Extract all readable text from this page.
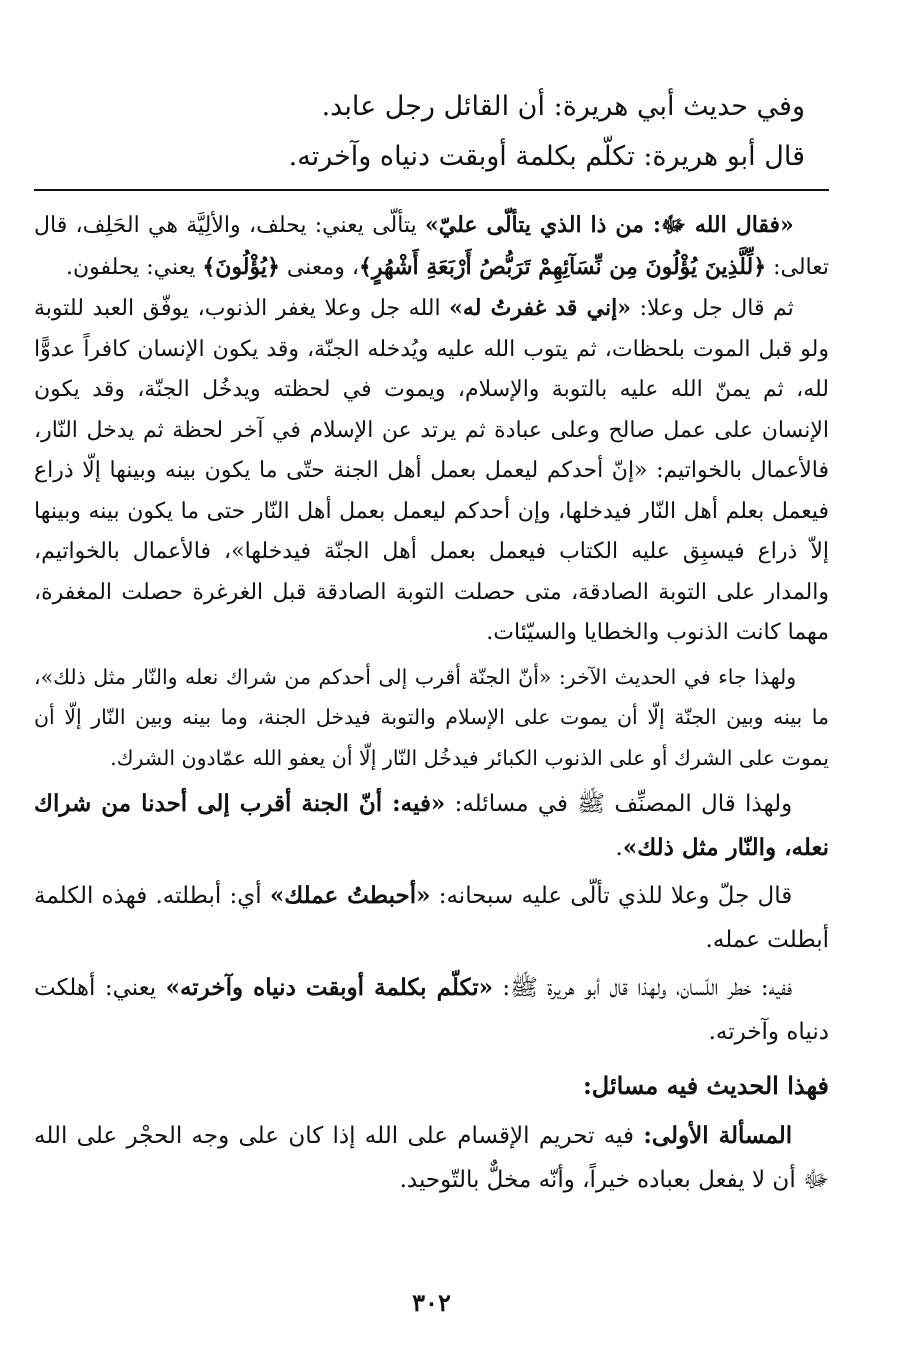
وفي حديث أبي هريرة: أن القائل رجل عابد.
قال أبو هريرة: تكلّم بكلمة أوبقت دنياه وآخرته.

«فقال الله ﷻ: من ذا الذي يتألّى عليّ» يتألّى يعني: يحلف، والألِيَّة هي الحَلِف، قال تعالى: ﴿لِّلَّذِينَ يُؤْلُونَ مِن نِّسَآئِهِمْ تَرَبُّصُ أَرْبَعَةِ أَشْهُرٍ﴾، ومعنى ﴿يُؤْلُونَ﴾ يعني: يحلفون.

ثم قال جل وعلا: «إني قد غفرتُ له» الله جل وعلا يغفر الذنوب، يوفّق العبد للتوبة ولو قبل الموت بلحظات، ثم يتوب الله عليه ويُدخله الجنّة، وقد يكون الإنسان كافراً عدوًّا لله، ثم يمنّ الله عليه بالتوبة والإسلام، ويموت في لحظته ويدخُل الجنّة، وقد يكون الإنسان على عمل صالح وعلى عبادة ثم يرتد عن الإسلام في آخر لحظة ثم يدخل النّار، فالأعمال بالخواتيم: «إنّ أحدكم ليعمل بعمل أهل الجنة حتّى ما يكون بينه وبينها إلّا ذراع فيعمل بعلم أهل النّار فيدخلها، وإن أحدكم ليعمل بعمل أهل النّار حتى ما يكون بينه وبينها إلاّ ذراع فيسبِق عليه الكتاب فيعمل بعمل أهل الجنّة فيدخلها»، فالأعمال بالخواتيم، والمدار على التوبة الصادقة، متى حصلت التوبة الصادقة قبل الغرغرة حصلت المغفرة، مهما كانت الذنوب والخطايا والسيّئات.

ولهذا جاء في الحديث الآخر: «أنّ الجنّة أقرب إلى أحدكم من شراك نعله والنّار مثل ذلك»، ما بينه وبين الجنّة إلّا أن يموت على الإسلام والتوبة فيدخل الجنة، وما بينه وبين النّار إلّا أن يموت على الشرك أو على الذنوب الكبائر فيدخُل النّار إلّا أن يعفو الله عمّادون الشرك.

ولهذا قال المصنِّف ﷺ في مسائله: «فيه: أنّ الجنة أقرب إلى أحدنا من شراك نعله، والنّار مثل ذلك».

قال جلّ وعلا للذي تألّى عليه سبحانه: «أحبطتُ عملك» أي: أبطلته. فهذه الكلمة أبطلت عمله.

ففيه: خطر اللّسان، ولهذا قال أبو هريرة ﷺ: «تكلّم بكلمة أوبقت دنياه وآخرته» يعني: أهلكت دنياه وآخرته.

فهذا الحديث فيه مسائل:

المسألة الأولى: فيه تحريم الإقسام على الله إذا كان على وجه الحجْر على الله ﷻ أن لا يفعل بعباده خيراً، وأنّه مخلٌّ بالتّوحيد.

٣٠٢
